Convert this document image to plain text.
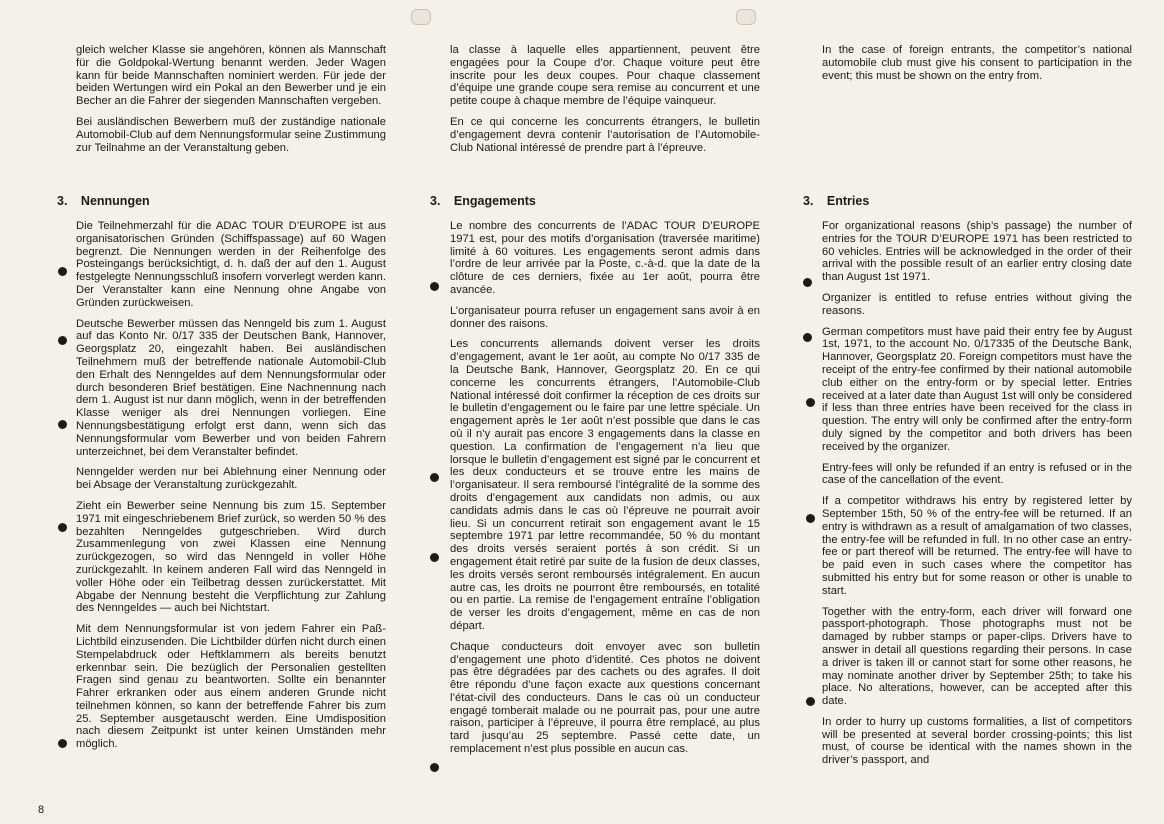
gleich welcher Klasse sie angehören, können als Mannschaft für die Goldpokal-Wertung benannt werden. Jeder Wagen kann für beide Mannschaften nominiert werden. Für jede der beiden Wertungen wird ein Pokal an den Bewerber und je ein Becher an die Fahrer der siegenden Mannschaften vergeben.

Bei ausländischen Bewerbern muß der zuständige nationale Automobil-Club auf dem Nennungsformular seine Zustimmung zur Teilnahme an der Veranstaltung geben.

3. Nennungen

Die Teilnehmerzahl für die ADAC TOUR D’EUROPE ist aus organisatorischen Gründen (Schiffspassage) auf 60 Wagen begrenzt. Die Nennungen werden in der Reihenfolge des Posteingangs berücksichtigt, d. h. daß der auf den 1. August festgelegte Nennungsschluß insofern vorverlegt werden kann. Der Veranstalter kann eine Nennung ohne Angabe von Gründen zurückweisen.

Deutsche Bewerber müssen das Nenngeld bis zum 1. August auf das Konto Nr. 0/17 335 der Deutschen Bank, Hannover, Georgsplatz 20, eingezahlt haben. Bei ausländischen Teilnehmern muß der betreffende nationale Automobil-Club den Erhalt des Nenngeldes auf dem Nennungsformular oder durch besonderen Brief bestätigen. Eine Nachnennung nach dem 1. August ist nur dann möglich, wenn in der betreffenden Klasse weniger als drei Nennungen vorliegen. Eine Nennungsbestätigung erfolgt erst dann, wenn sich das Nennungsformular vom Bewerber und von beiden Fahrern unterzeichnet, bei dem Veranstalter befindet.

Nenngelder werden nur bei Ablehnung einer Nennung oder bei Absage der Veranstaltung zurückgezahlt.

Zieht ein Bewerber seine Nennung bis zum 15. September 1971 mit eingeschriebenem Brief zurück, so werden 50 % des bezahlten Nenngeldes gutgeschrieben. Wird durch Zusammenlegung von zwei Klassen eine Nennung zurückgezogen, so wird das Nenngeld in voller Höhe zurückgezahlt. In keinem anderen Fall wird das Nenngeld in voller Höhe oder ein Teilbetrag dessen zurückerstattet. Mit Abgabe der Nennung besteht die Verpflichtung zur Zahlung des Nenngeldes — auch bei Nichtstart.

Mit dem Nennungsformular ist von jedem Fahrer ein Paß-Lichtbild einzusenden. Die Lichtbilder dürfen nicht durch einen Stempelabdruck oder Heftklammern als bereits benutzt erkennbar sein. Die bezüglich der Personalien gestellten Fragen sind genau zu beantworten. Sollte ein benannter Fahrer erkranken oder aus einem anderen Grunde nicht teilnehmen können, so kann der betreffende Fahrer bis zum 25. September ausgetauscht werden. Eine Umdisposition nach diesem Zeitpunkt ist unter keinen Umständen mehr möglich.

la classe à laquelle elles appartiennent, peuvent être engagées pour la Coupe d’or. Chaque voiture peut être inscrite pour les deux coupes. Pour chaque classement d’équipe une grande coupe sera remise au concurrent et une petite coupe à chaque membre de l’équipe vainqueur.

En ce qui concerne les concurrents étrangers, le bulletin d’engagement devra contenir l’autorisation de l’Automobile-Club National intéressé de prendre part à l’épreuve.

3. Engagements

Le nombre des concurrents de l’ADAC TOUR D’EUROPE 1971 est, pour des motifs d’organisation (traversée maritime) limité à 60 voitures. Les engagements seront admis dans l’ordre de leur arrivée par la Poste, c.-à-d. que la date de la clôture de ces derniers, fixée au 1er août, pourra être avancée.

L’organisateur pourra refuser un engagement sans avoir à en donner des raisons.

Les concurrents allemands doivent verser les droits d’engagement, avant le 1er août, au compte No 0/17 335 de la Deutsche Bank, Hannover, Georgsplatz 20. En ce qui concerne les concurrents étrangers, l’Automobile-Club National intéressé doit confirmer la réception de ces droits sur le bulletin d’engagement ou le faire par une lettre spéciale. Un engagement après le 1er août n’est possible que dans le cas où il n’y aurait pas encore 3 engagements dans la classe en question. La confirmation de l’engagement n’a lieu que lorsque le bulletin d’engagement est signé par le concurrent et les deux conducteurs et se trouve entre les mains de l’organisateur. Il sera remboursé l’intégralité de la somme des droits d’engagement aux candidats non admis, ou aux candidats admis dans le cas où l’épreuve ne pourrait avoir lieu. Si un concurrent retirait son engagement avant le 15 septembre 1971 par lettre recommandée, 50 % du montant des droits versés seraient portés à son crédit. Si un engagement était retiré par suite de la fusion de deux classes, les droits versés seront remboursés intégralement. En aucun autre cas, les droits ne pourront être remboursés, en totalité ou en partie. La remise de l’engagement entraîne l’obligation de verser les droits d’engagement, même en cas de non départ.

Chaque conducteurs doit envoyer avec son bulletin d’engagement une photo d’identité. Ces photos ne doivent pas être dégradées par des cachets ou des agrafes. Il doit être répondu d’une façon exacte aux questions concernant l’état-civil des conducteurs. Dans le cas où un conducteur engagé tomberait malade ou ne pourrait pas, pour une autre raison, participer à l’épreuve, il pourra être remplacé, au plus tard jusqu’au 25 septembre. Passé cette date, un remplacement n’est plus possible en aucun cas.

In the case of foreign entrants, the competitor’s national automobile club must give his consent to participation in the event; this must be shown on the entry from.

3. Entries

For organizational reasons (ship’s passage) the number of entries for the TOUR D’EUROPE 1971 has been restricted to 60 vehicles. Entries will be acknowledged in the order of their arrival with the possible result of an earlier entry closing date than August 1st 1971.

Organizer is entitled to refuse entries without giving the reasons.

German competitors must have paid their entry fee by August 1st, 1971, to the account No. 0/17335 of the Deutsche Bank, Hannover, Georgsplatz 20. Foreign competitors must have the receipt of the entry-fee confirmed by their national automobile club either on the entry-form or by special letter. Entries received at a later date than August 1st will only be considered if less than three entries have been received for the class in question. The entry will only be confirmed after the entry-form duly signed by the competitor and both drivers has been received by the organizer.

Entry-fees will only be refunded if an entry is refused or in the case of the cancellation of the event.

If a competitor withdraws his entry by registered letter by September 15th, 50 % of the entry-fee will be returned. If an entry is withdrawn as a result of amalgamation of two classes, the entry-fee will be refunded in full. In no other case an entry-fee or part thereof will be returned. The entry-fee will have to be paid even in such cases where the competitor has submitted his entry but for some reason or other is unable to start.

Together with the entry-form, each driver will forward one passport-photograph. Those photographs must not be damaged by rubber stamps or paper-clips. Drivers have to answer in detail all questions regarding their persons. In case a driver is taken ill or cannot start for some other reasons, he may nominate another driver by September 25th; to take his place. No alterations, however, can be accepted after this date.

In order to hurry up customs formalities, a list of competitors will be presented at several border crossing-points; this list must, of course be identical with the names shown in the driver’s passport, and

8
